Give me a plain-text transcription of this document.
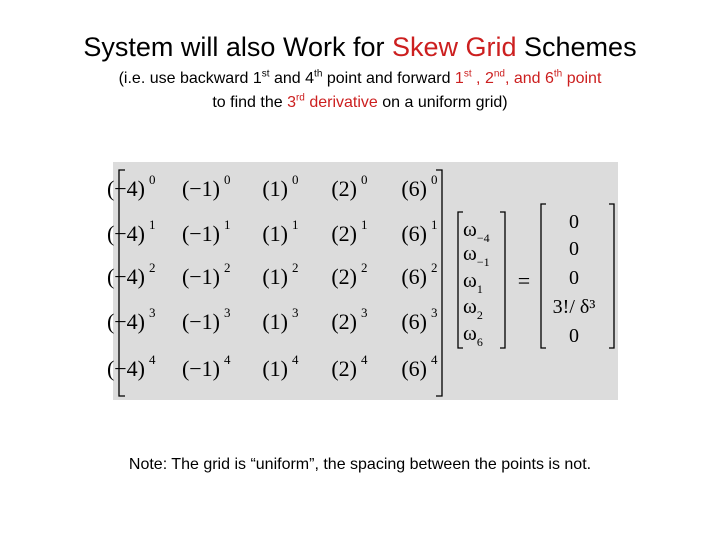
System will also Work for Skew Grid Schemes
(i.e. use backward 1st and 4th point and forward 1st , 2nd, and 6th point
to find the 3rd derivative on a uniform grid)
(−4) 0 (−1) 0 (1) 0 (2) 0 (6) 0
(−4) 1 (−1) 1 (1) 1 (2) 1 (6) 1
(−4) 2 (−1) 2 (1) 2 (2) 2 (6) 2
(−4) 3 (−1) 3 (1) 3 (2) 3 (6) 3
(−4) 4 (−1) 4 (1) 4 (2) 4 (6) 4
$\omega_{-4}$
$\omega_{-1}$
$\omega_1$
$\omega_2$
$\omega_6$
=
0
0
0
3!/ δ³
0
Note: The grid is “uniform”, the spacing between the points is not.
